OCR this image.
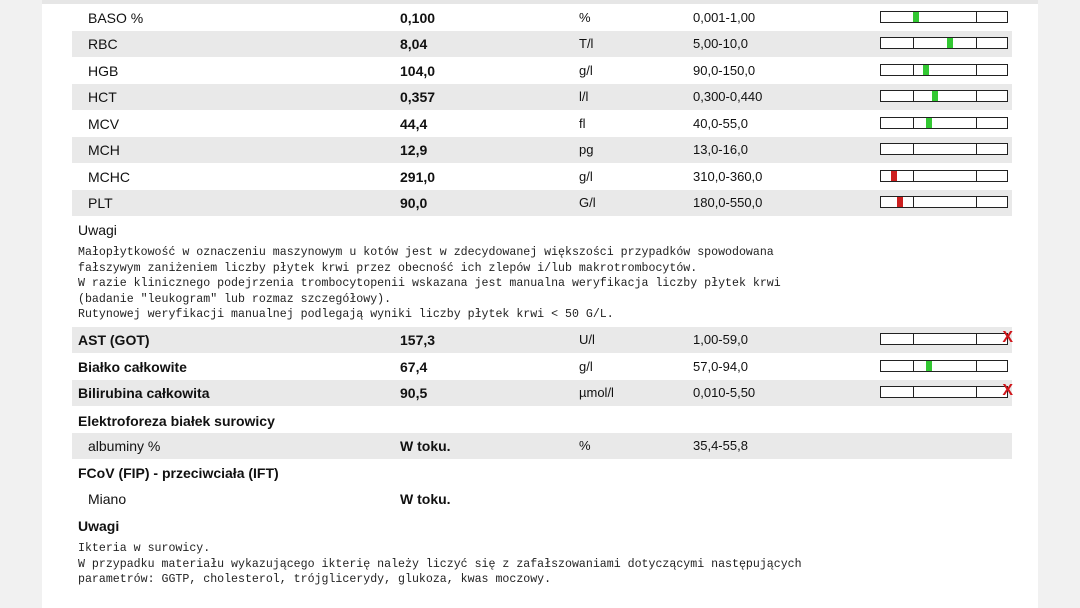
BASO %	0,100	%	0,001-1,00
RBC	8,04	T/l	5,00-10,0
HGB	104,0	g/l	90,0-150,0
HCT	0,357	l/l	0,300-0,440
MCV	44,4	fl	40,0-55,0
MCH	12,9	pg	13,0-16,0
MCHC	291,0	g/l	310,0-360,0
PLT	90,0	G/l	180,0-550,0
Uwagi
Małopłytkowość w oznaczeniu maszynowym u kotów jest w zdecydowanej większości przypadków spowodowana
fałszywym zaniżeniem liczby płytek krwi przez obecność ich zlepów i/lub makrotrombocytów.
W razie klinicznego podejrzenia trombocytopenii wskazana jest manualna weryfikacja liczby płytek krwi
(badanie "leukogram" lub rozmaz szczegółowy).
Rutynowej weryfikacji manualnej podlegają wyniki liczby płytek krwi < 50 G/L.
AST (GOT)	157,3	U/l	1,00-59,0	X
Białko całkowite	67,4	g/l	57,0-94,0
Bilirubina całkowita	90,5	µmol/l	0,010-5,50	X
Elektroforeza białek surowicy
albuminy %	W toku.	%	35,4-55,8
FCoV (FIP) - przeciwciała (IFT)
Miano	W toku.
Uwagi
Ikteria w surowicy.
W przypadku materiału wykazującego ikterię należy liczyć się z zafałszowaniami dotyczącymi następujących
parametrów: GGTP, cholesterol, trójglicerydy, glukoza, kwas moczowy.
